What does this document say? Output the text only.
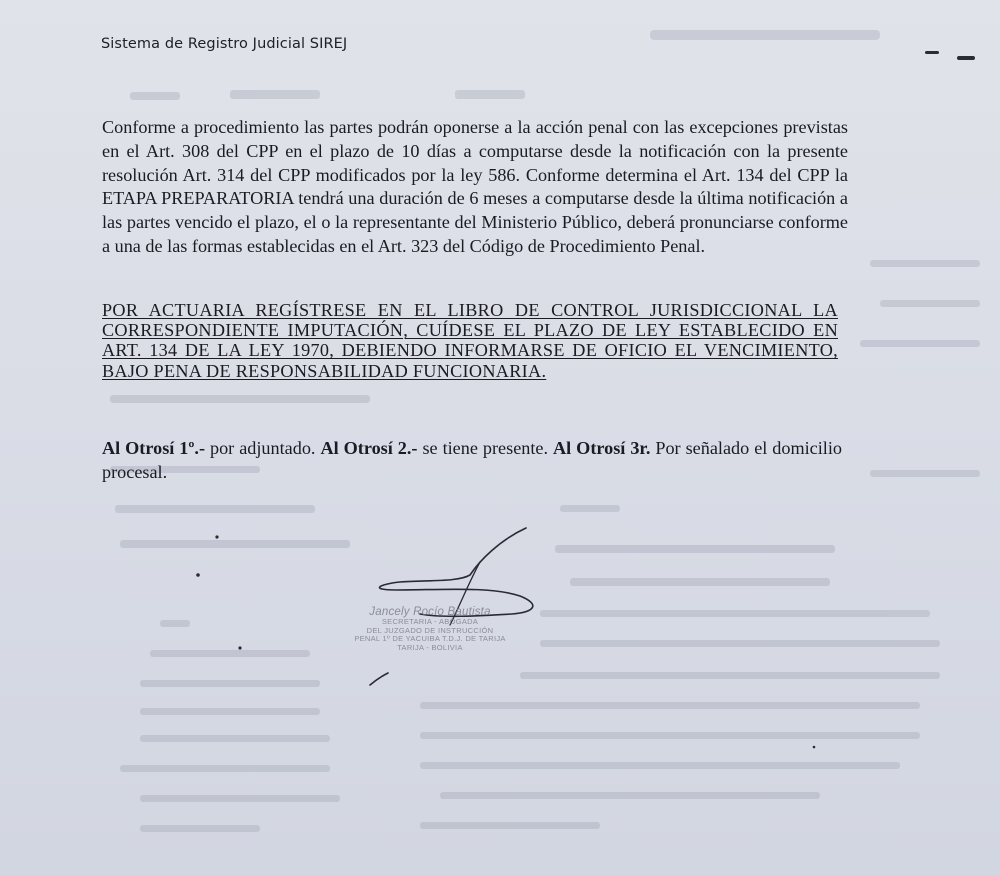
Sistema de Registro Judicial SIREJ

Conforme a procedimiento las partes podrán oponerse a la acción penal con las excepciones previstas en el Art. 308 del CPP en el plazo de 10 días a computarse desde la notificación con la presente resolución Art. 314 del CPP modificados por la ley 586. Conforme determina el Art. 134 del CPP la ETAPA PREPARATORIA tendrá una duración de 6 meses a computarse desde la última notificación a las partes vencido el plazo, el o la representante del Ministerio Público, deberá pronunciarse conforme a una de las formas establecidas en el Art. 323 del Código de Procedimiento Penal.

POR ACTUARIA REGÍSTRESE EN EL LIBRO DE CONTROL JURISDICCIONAL LA CORRESPONDIENTE IMPUTACIÓN, CUÍDESE EL PLAZO DE LEY ESTABLECIDO EN ART. 134 DE LA LEY 1970, DEBIENDO INFORMARSE DE OFICIO EL VENCIMIENTO, BAJO PENA DE RESPONSABILIDAD FUNCIONARIA.

Al Otrosí 1º.- por adjuntado. Al Otrosí 2.- se tiene presente. Al Otrosí 3r. Por señalado el domicilio procesal.

Jancely Rocío Bautista
SECRETARIA - ABOGADA
DEL JUZGADO DE INSTRUCCIÓN
PENAL 1º DE YACUIBA T.D.J. DE TARIJA
TARIJA - BOLIVIA
